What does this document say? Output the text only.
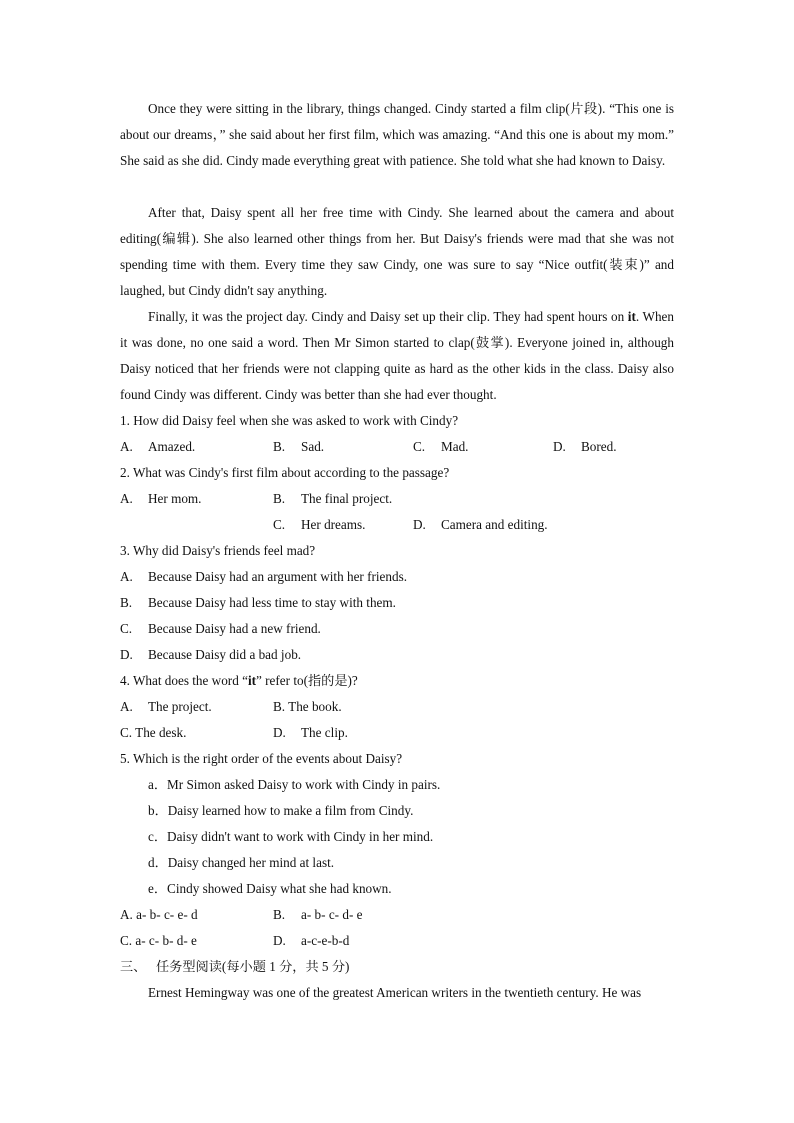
Once they were sitting in the library, things changed. Cindy started a film clip(片段). “This one is about our dreams，” she said about her first film, which was amazing. “And this one is about my mom.” She said as she did. Cindy made everything great with patience. She told what she had known to Daisy.

After that, Daisy spent all her free time with Cindy. She learned about the camera and about editing(编辑). She also learned other things from her. But Daisy's friends were mad that she was not spending time with them. Every time they saw Cindy, one was sure to say “Nice outfit(装束)” and laughed, but Cindy didn't say anything.

Finally, it was the project day. Cindy and Daisy set up their clip. They had spent hours on it. When it was done, no one said a word. Then Mr Simon started to clap(鼓掌). Everyone joined in, although Daisy noticed that her friends were not clapping quite as hard as the other kids in the class. Daisy also found Cindy was different. Cindy was better than she had ever thought.

1. How did Daisy feel when she was asked to work with Cindy?
A. Amazed.	B. Sad.	C. Mad.	D. Bored.
2. What was Cindy's first film about according to the passage?
A. Her mom.	B. The final project.
C. Her dreams.	D. Camera and editing.
3. Why did Daisy's friends feel mad?
A. Because Daisy had an argument with her friends.
B. Because Daisy had less time to stay with them.
C. Because Daisy had a new friend.
D. Because Daisy did a bad job.
4. What does the word “it” refer to(指的是)?
A. The project.	B. The book.
C. The desk.	D. The clip.
5. Which is the right order of the events about Daisy?
a．Mr Simon asked Daisy to work with Cindy in pairs.
b．Daisy learned how to make a film from Cindy.
c．Daisy didn't want to work with Cindy in her mind.
d．Daisy changed her mind at last.
e．Cindy showed Daisy what she had known.
A. a- b- c- e- d	B. a- b- c- d- e
C. a- c- b- d- e	D. a-c-e-b-d
三、 任务型阅读(每小题 1 分，共 5 分)

Ernest Hemingway was one of the greatest American writers in the twentieth century. He was
